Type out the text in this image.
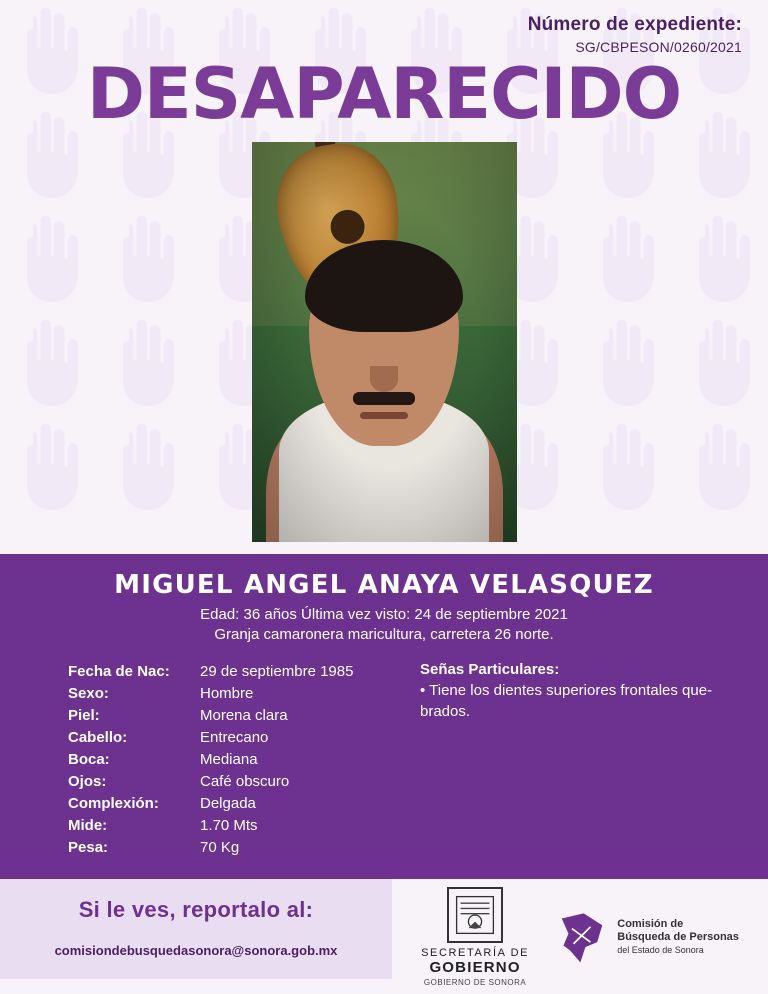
Número de expediente:
SG/CBPESON/0260/2021
DESAPARECIDO
MIGUEL ANGEL ANAYA VELASQUEZ
Edad: 36 años Última vez visto: 24 de septiembre 2021
Granja camaronera maricultura, carretera 26 norte.
Fecha de Nac:	29 de septiembre 1985
Sexo:	Hombre
Piel:	Morena clara
Cabello:	Entrecano
Boca:	Mediana
Ojos:	Café obscuro
Complexión:	Delgada
Mide:	1.70 Mts
Pesa:	70 Kg
Señas Particulares:
• Tiene los dientes superiores frontales que-brados.
Si le ves, reportalo al:
comisiondebusquedasonora@sonora.gob.mx	SECRETARÍA DE
GOBIERNO
GOBIERNO DE SONORA
Comisión de
Búsqueda de Personas
del Estado de Sonora
